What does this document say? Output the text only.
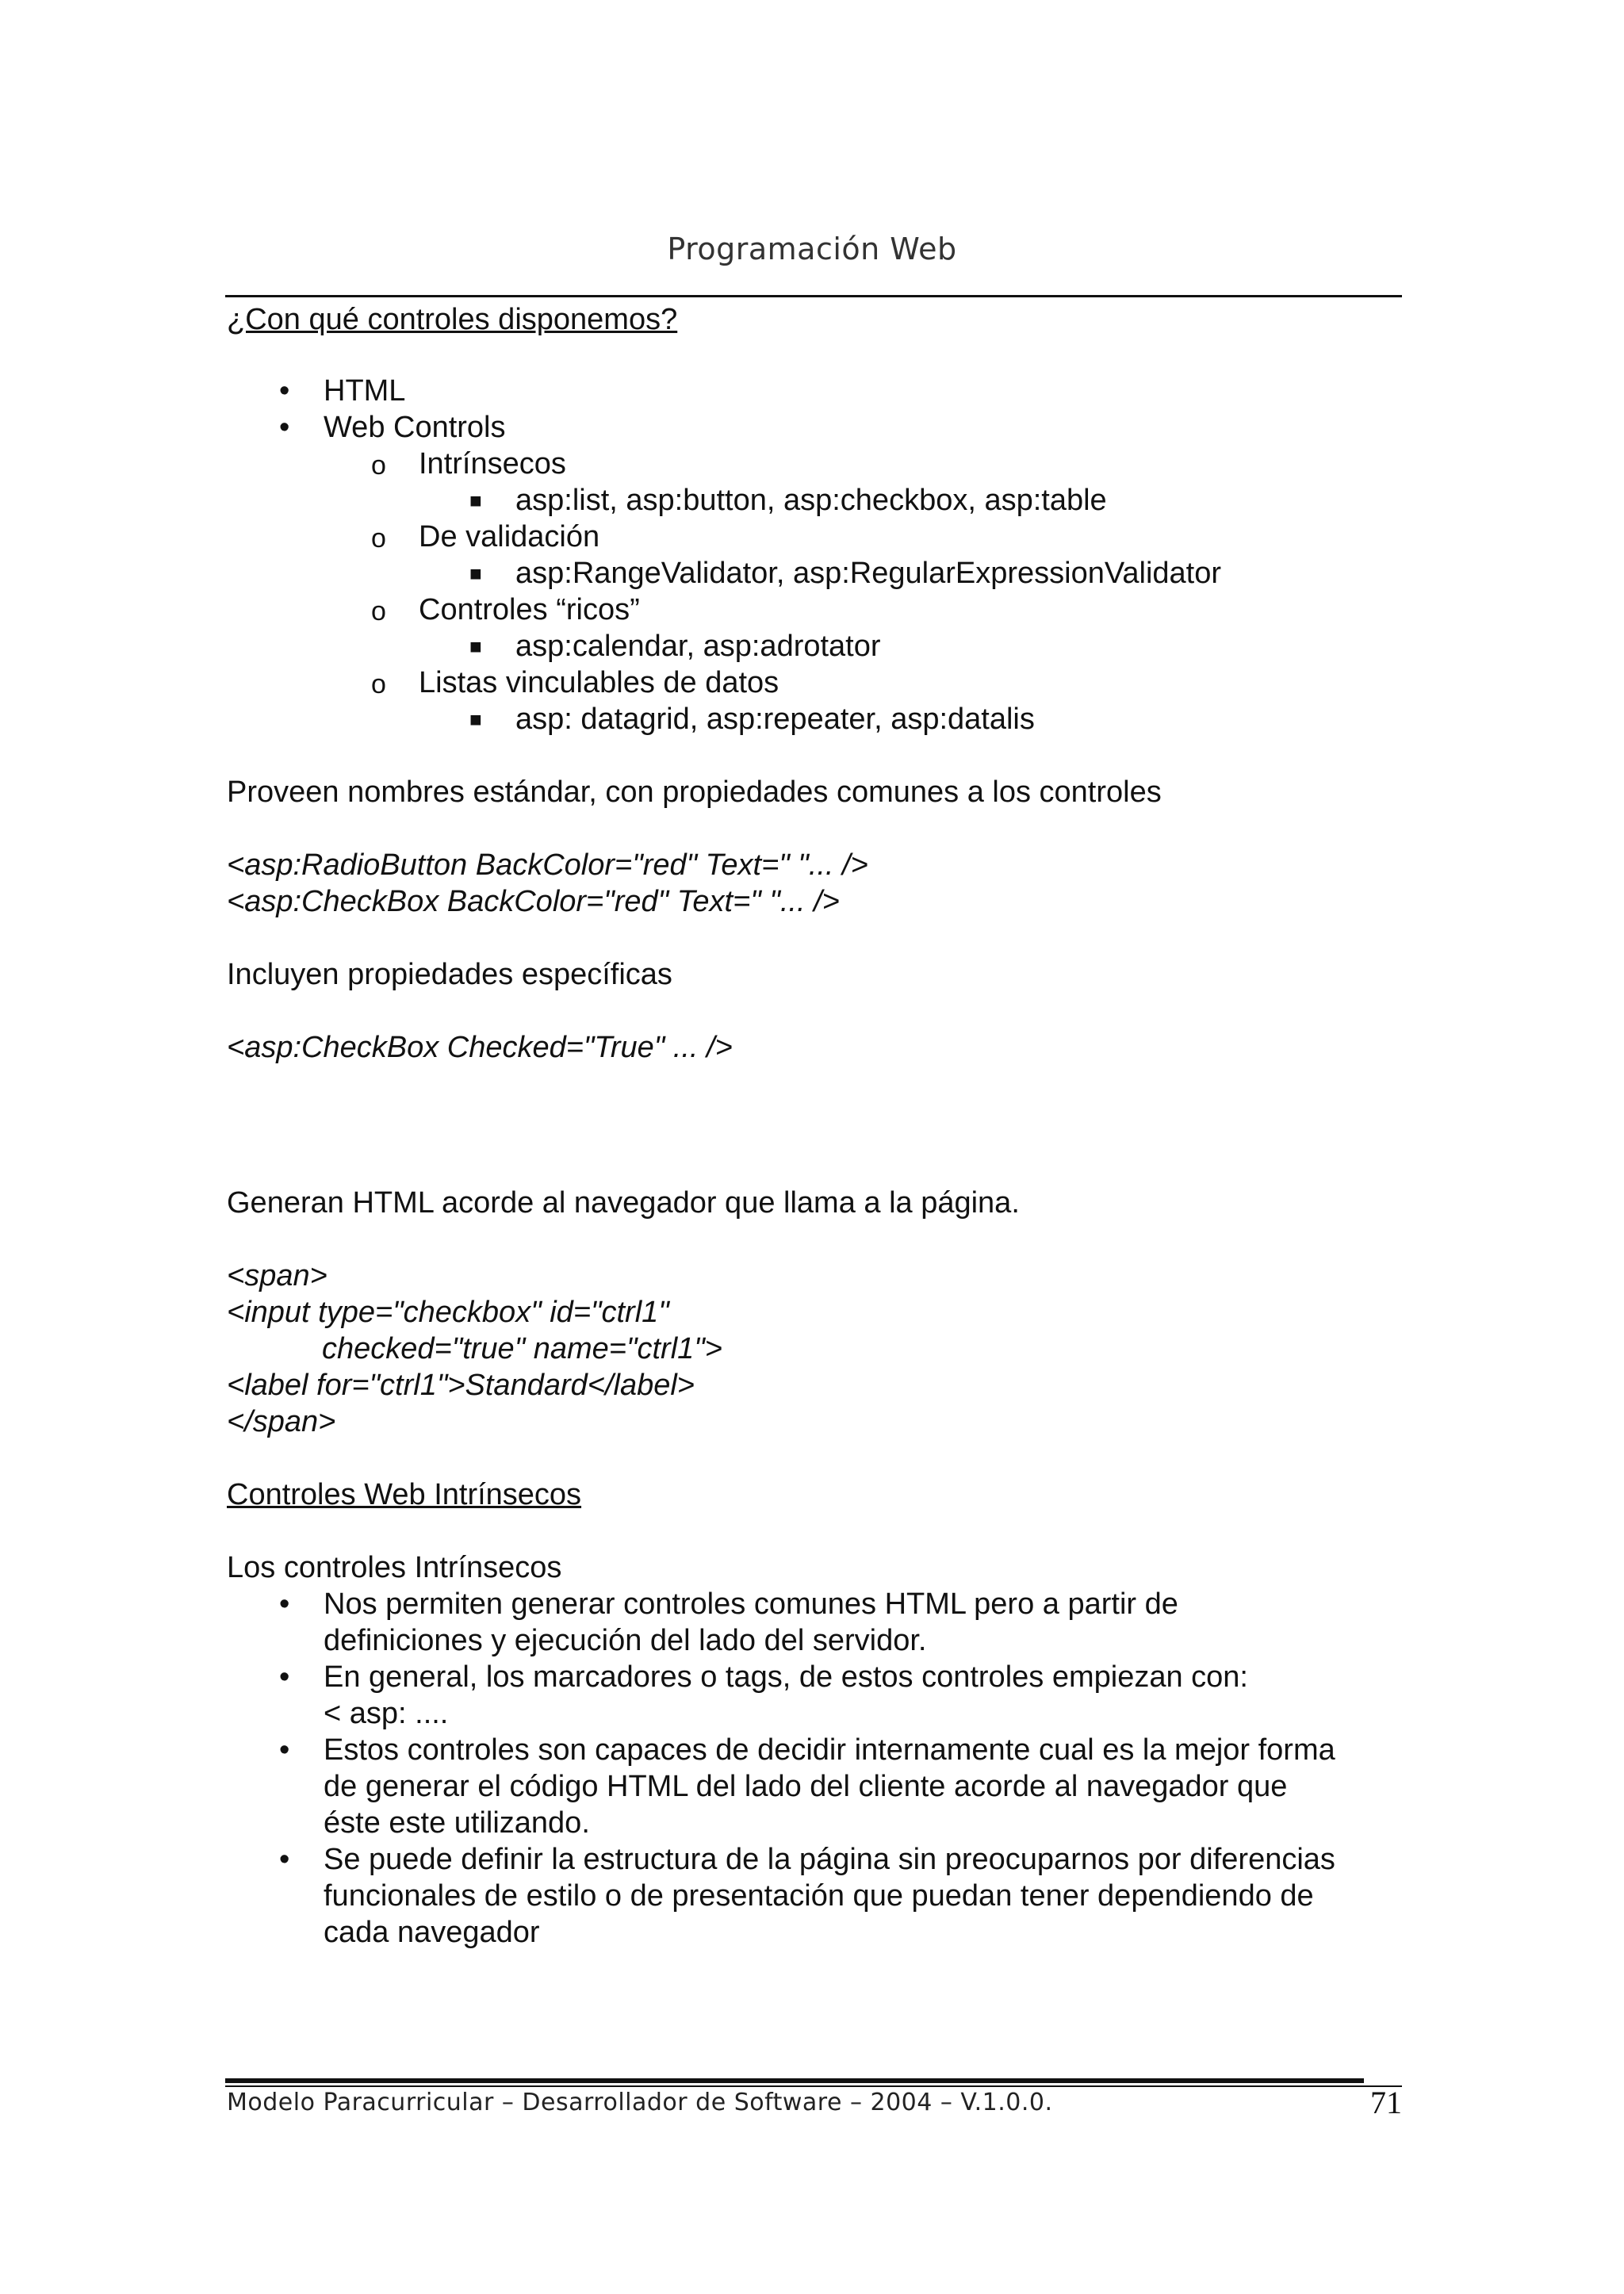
Programación Web

¿Con qué controles disponemos?

• HTML
• Web Controls
o Intrínsecos
■ asp:list, asp:button, asp:checkbox, asp:table
o De validación
■ asp:RangeValidator, asp:RegularExpressionValidator
o Controles “ricos”
■ asp:calendar, asp:adrotator
o Listas vinculables de datos
■ asp: datagrid, asp:repeater, asp:datalis

Proveen nombres estándar, con propiedades comunes a los controles

<asp:RadioButton BackColor="red" Text=" "... />

<asp:CheckBox BackColor="red" Text=" "... />

Incluyen propiedades específicas

<asp:CheckBox Checked="True" ... />

Generan HTML acorde al navegador que llama a la página.

<span>

<input type="checkbox" id="ctrl1"

checked="true" name="ctrl1">

<label for="ctrl1">Standard</label>

</span>

Controles Web Intrínsecos

Los controles Intrínsecos

• Nos permiten generar controles comunes HTML pero a partir de
definiciones y ejecución del lado del servidor.
• En general, los marcadores o tags, de estos controles empiezan con:
< asp: ....
• Estos controles son capaces de decidir internamente cual es la mejor forma
de generar el código HTML del lado del cliente acorde al navegador que
éste este utilizando.
• Se puede definir la estructura de la página sin preocuparnos por diferencias
funcionales de estilo o de presentación que puedan tener dependiendo de
cada navegador
Modelo Paracurricular – Desarrollador de Software – 2004 – V.1.0.0.	71
